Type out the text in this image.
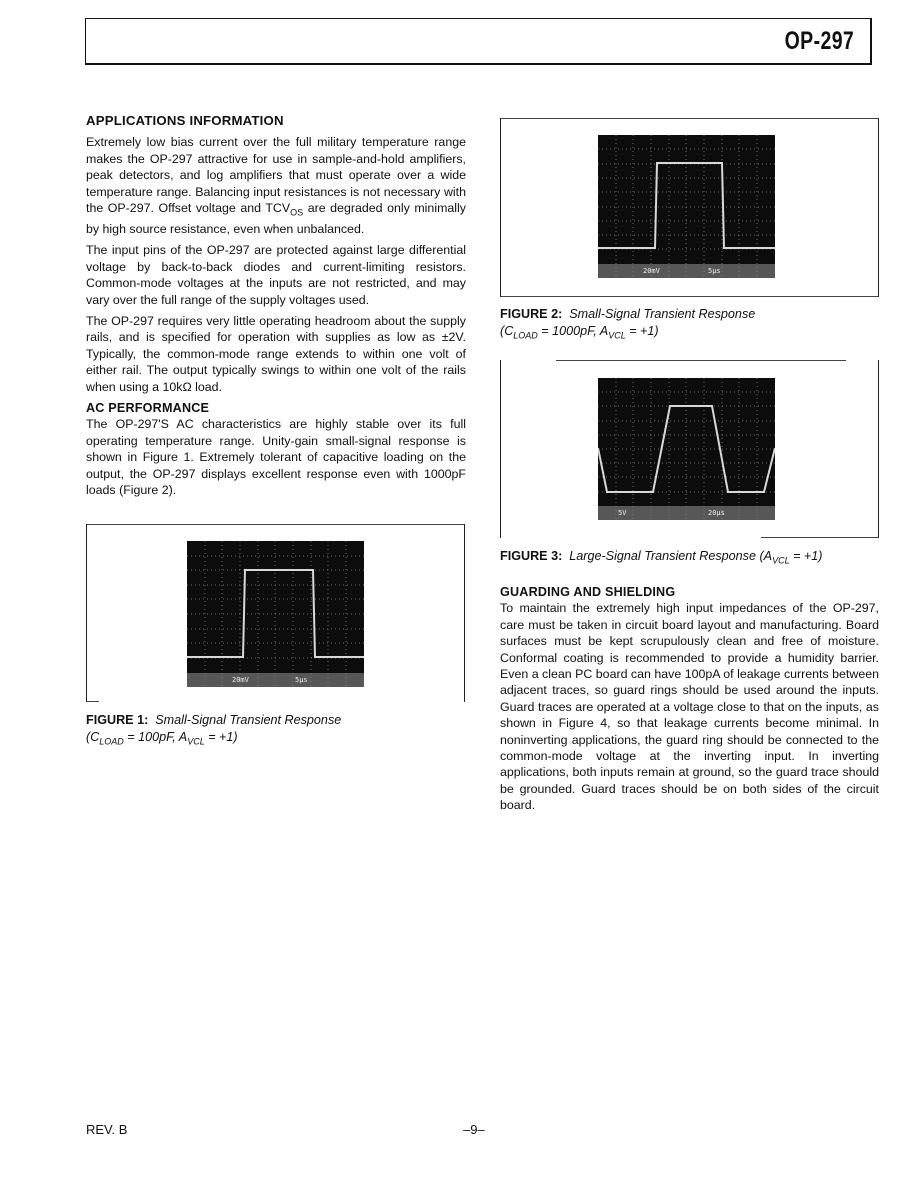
OP-297
APPLICATIONS INFORMATION

Extremely low bias current over the full military temperature range makes the OP-297 attractive for use in sample-and-hold amplifiers, peak detectors, and log amplifiers that must operate over a wide temperature range. Balancing input resistances is not necessary with the OP-297. Offset voltage and $TCV_{OS}$ are degraded only minimally by high source resistance, even when unbalanced.

The input pins of the OP-297 are protected against large differential voltage by back-to-back diodes and current-limiting resistors. Common-mode voltages at the inputs are not restricted, and may vary over the full range of the supply voltages used.

The OP-297 requires very little operating headroom about the supply rails, and is specified for operation with supplies as low as ±2V. Typically, the common-mode range extends to within one volt of either rail. The output typically swings to within one volt of the rails when using a 10kΩ load.

AC PERFORMANCE

The OP-297'S AC characteristics are highly stable over its full operating temperature range. Unity-gain small-signal response is shown in Figure 1. Extremely tolerant of capacitive loading on the output, the OP-297 displays excellent response even with 1000pF loads (Figure 2).

20mV	5µs
FIGURE 1: Small-Signal Transient Response
($C_{LOAD} = 100pF$, $A_{VCL} = +1$)
20mV	5µs
FIGURE 2: Small-Signal Transient Response
($C_{LOAD} = 1000pF$, $A_{VCL} = +1$)
5V	20µs
FIGURE 3: Large-Signal Transient Response $(A_{VCL} = +1)$
GUARDING AND SHIELDING

To maintain the extremely high input impedances of the OP-297, care must be taken in circuit board layout and manufacturing. Board surfaces must be kept scrupulously clean and free of moisture. Conformal coating is recommended to provide a humidity barrier. Even a clean PC board can have 100pA of leakage currents between adjacent traces, so guard rings should be used around the inputs. Guard traces are operated at a voltage close to that on the inputs, as shown in Figure 4, so that leakage currents become minimal. In noninverting applications, the guard ring should be connected to the common-mode voltage at the inverting input. In inverting applications, both inputs remain at ground, so the guard trace should be grounded. Guard traces should be on both sides of the circuit board.

REV. B	–9–
